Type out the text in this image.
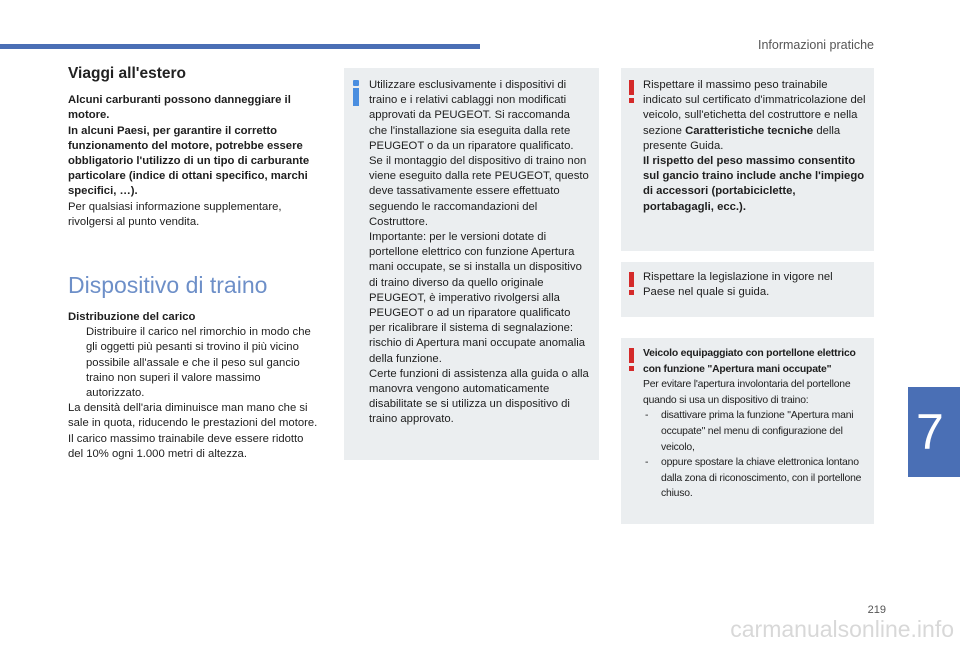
Informazioni pratiche
Viaggi all'estero
Alcuni carburanti possono danneggiare il motore.
In alcuni Paesi, per garantire il corretto funzionamento del motore, potrebbe essere obbligatorio l'utilizzo di un tipo di carburante particolare (indice di ottani specifico, marchi specifici, …).
Per qualsiasi informazione supplementare, rivolgersi al punto vendita.
Dispositivo di traino
Distribuzione del carico
Distribuire il carico nel rimorchio in modo che gli oggetti più pesanti si trovino il più vicino possibile all'assale e che il peso sul gancio traino non superi il valore massimo autorizzato.
La densità dell'aria diminuisce man mano che si sale in quota, riducendo le prestazioni del motore. Il carico massimo trainabile deve essere ridotto del 10% ogni 1.000 metri di altezza.
Utilizzare esclusivamente i dispositivi di traino e i relativi cablaggi non modificati approvati da PEUGEOT. Si raccomanda che l'installazione sia eseguita dalla rete PEUGEOT o da un riparatore qualificato.
Se il montaggio del dispositivo di traino non viene eseguito dalla rete PEUGEOT, questo deve tassativamente essere effettuato seguendo le raccomandazioni del Costruttore.
Importante: per le versioni dotate di portellone elettrico con funzione Apertura mani occupate, se si installa un dispositivo di traino diverso da quello originale PEUGEOT, è imperativo rivolgersi alla PEUGEOT o ad un riparatore qualificato per ricalibrare il sistema di segnalazione: rischio di Apertura mani occupate anomalia della funzione.
Certe funzioni di assistenza alla guida o alla manovra vengono automaticamente disabilitate se si utilizza un dispositivo di traino approvato.
Rispettare il massimo peso trainabile indicato sul certificato d'immatricolazione del veicolo, sull'etichetta del costruttore e nella sezione Caratteristiche tecniche della presente Guida.
Il rispetto del peso massimo consentito sul gancio traino include anche l'impiego di accessori (portabiciclette, portabagagli, ecc.).
Rispettare la legislazione in vigore nel Paese nel quale si guida.
Veicolo equipaggiato con portellone elettrico con funzione "Apertura mani occupate"
Per evitare l'apertura involontaria del portellone quando si usa un dispositivo di traino:
- disattivare prima la funzione "Apertura mani occupate" nel menu di configurazione del veicolo,
- oppure spostare la chiave elettronica lontano dalla zona di riconoscimento, con il portellone chiuso.
7
219
carmanualsonline.info
